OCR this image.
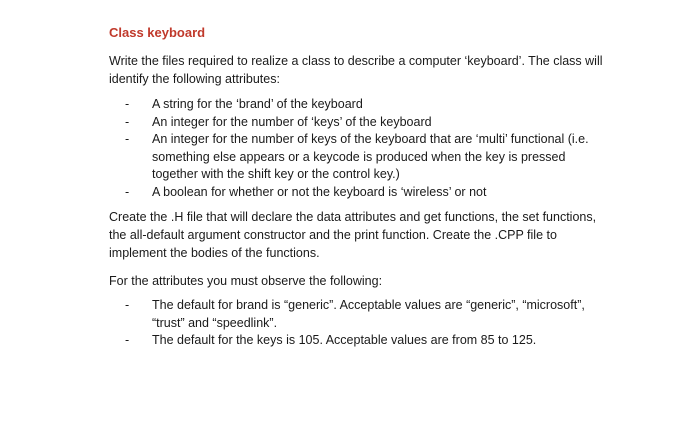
Class keyboard
Write the files required to realize a class to describe a computer ‘keyboard’. The class will identify the following attributes:
- A string for the ‘brand’ of the keyboard
- An integer for the number of ‘keys’ of the keyboard
- An integer for the number of keys of the keyboard that are ‘multi’ functional (i.e. something else appears or a keycode is produced when the key is pressed together with the shift key or the control key.)
- A boolean for whether or not the keyboard is ‘wireless’ or not
Create the .H file that will declare the data attributes and get functions, the set functions, the all-default argument constructor and the print function. Create the .CPP file to implement the bodies of the functions.
For the attributes you must observe the following:
- The default for brand is “generic”. Acceptable values are “generic”, “microsoft”, “trust” and “speedlink”.
- The default for the keys is 105. Acceptable values are from 85 to 125.
